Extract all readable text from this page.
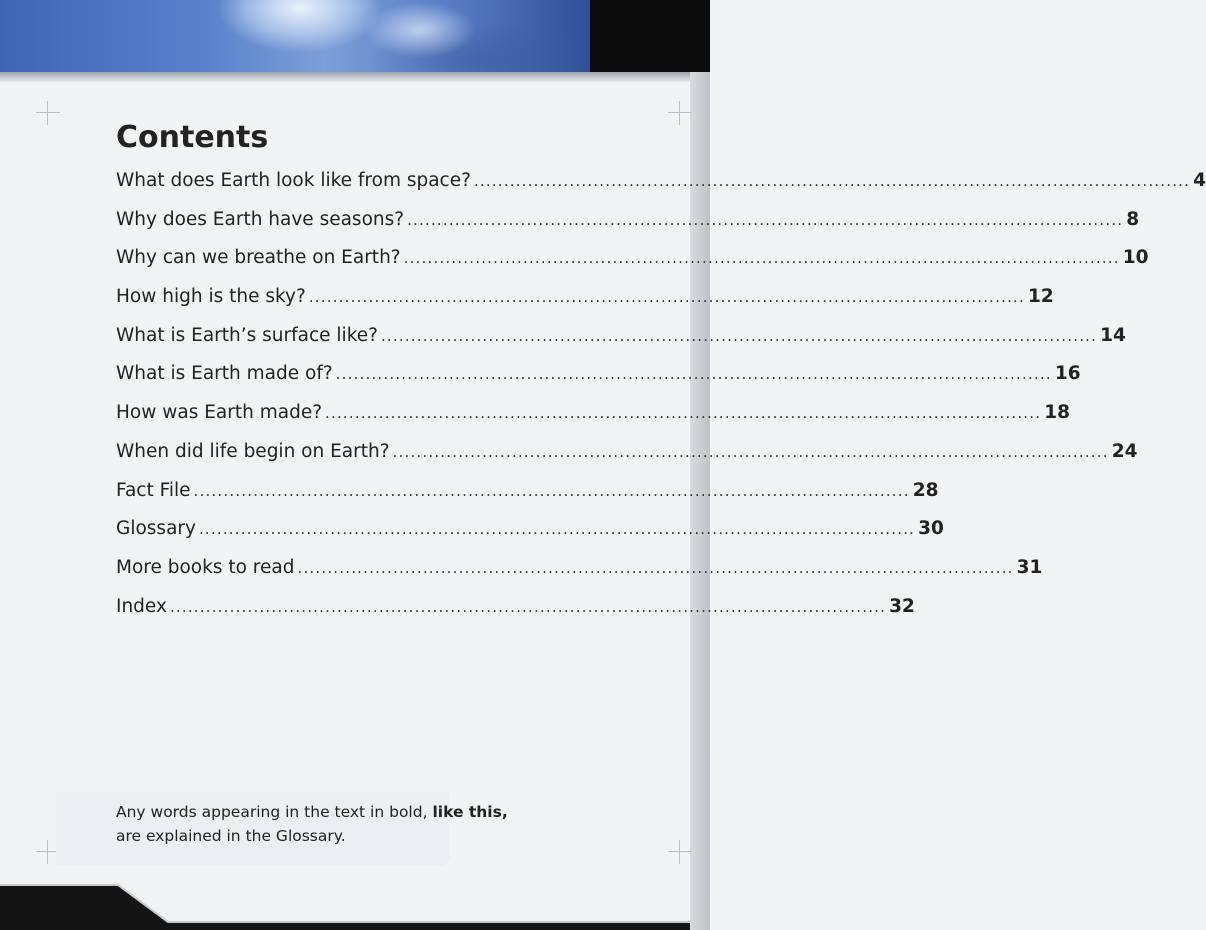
Contents
What does Earth look like from space? ........................................................................................................................ 4
Why does Earth have seasons? ........................................................................................................................ 8
Why can we breathe on Earth? ........................................................................................................................ 10
How high is the sky? ........................................................................................................................ 12
What is Earth’s surface like? ........................................................................................................................ 14
What is Earth made of? ........................................................................................................................ 16
How was Earth made? ........................................................................................................................ 18
When did life begin on Earth? ........................................................................................................................ 24
Fact File ........................................................................................................................ 28
Glossary ........................................................................................................................ 30
More books to read ........................................................................................................................ 31
Index ........................................................................................................................ 32

Any words appearing in the text in bold, like this, are explained in the Glossary.
